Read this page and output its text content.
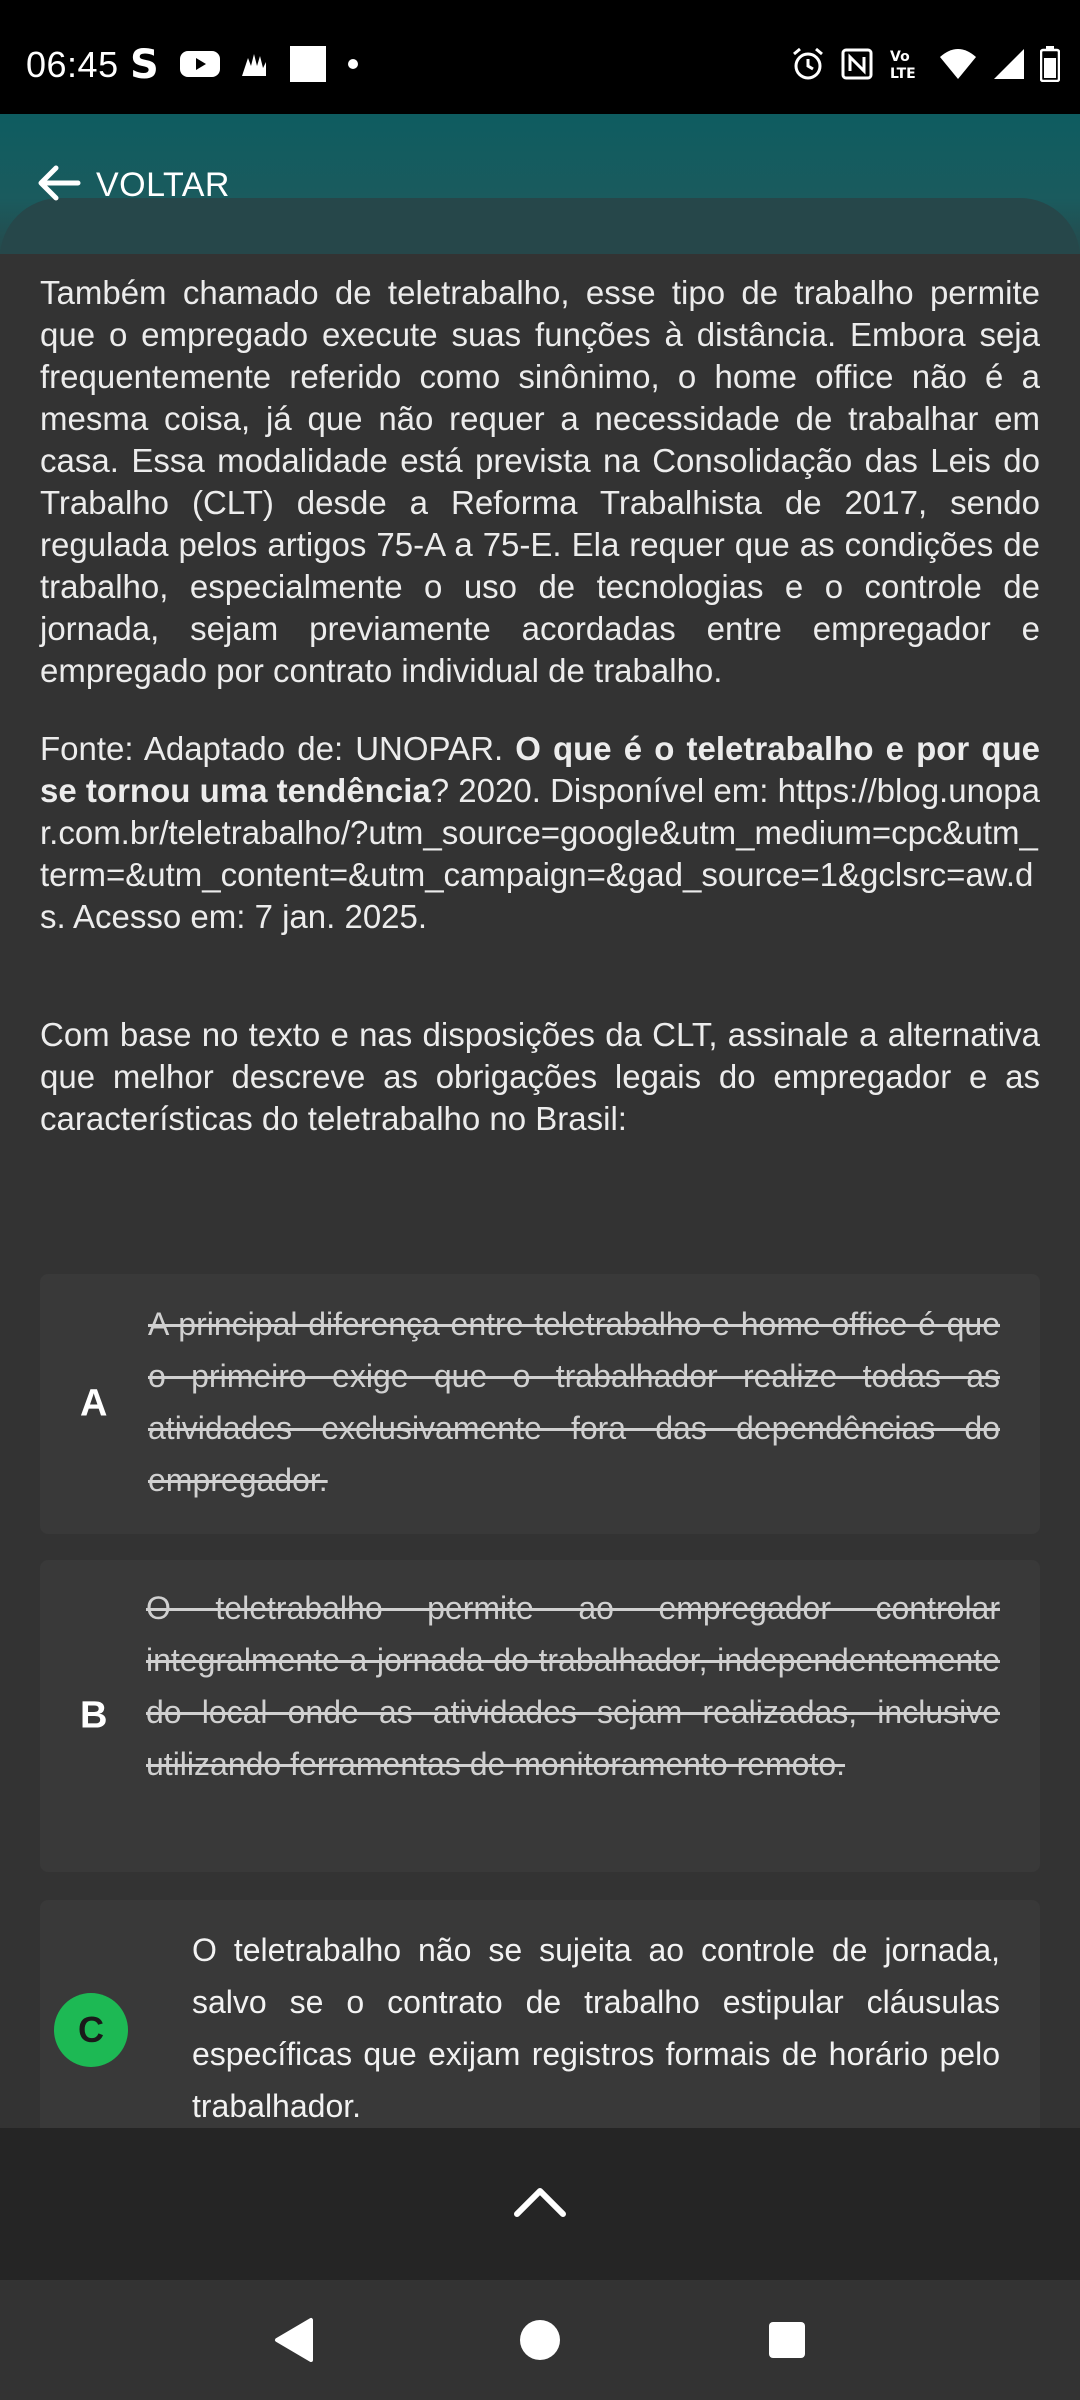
06:45 S	Vo
LTE
VOLTAR

Também chamado de teletrabalho, esse tipo de trabalho permite que o empregado execute suas funções à distância. Embora seja frequentemente referido como sinônimo, o home office não é a mesma coisa, já que não requer a necessidade de trabalhar em casa. Essa modalidade está prevista na Consolidação das Leis do Trabalho (CLT) desde a Reforma Trabalhista de 2017, sendo regulada pelos artigos 75-A a 75-E. Ela requer que as condições de trabalho, especialmente o uso de tecnologias e o controle de jornada, sejam previamente acordadas entre empregador e empregado por contrato individual de trabalho.

Fonte: Adaptado de: UNOPAR. O que é o teletrabalho e por que se tornou uma tendência? 2020. Disponível em: https://blog.unopar.com.br/teletrabalho/?utm_source=google&utm_medium=cpc&utm_term=&utm_content=&utm_campaign=&gad_source=1&gclsrc=aw.ds. Acesso em: 7 jan. 2025.

Com base no texto e nas disposições da CLT, assinale a alternativa que melhor descreve as obrigações legais do empregador e as características do teletrabalho no Brasil:

A

A principal diferença entre teletrabalho e home office é que o primeiro exige que o trabalhador realize todas as atividades exclusivamente fora das dependências do empregador.

B

O teletrabalho permite ao empregador controlar integralmente a jornada do trabalhador, independentemente do local onde as atividades sejam realizadas, inclusive utilizando ferramentas de monitoramento remoto.

C

O teletrabalho não se sujeita ao controle de jornada, salvo se o contrato de trabalho estipular cláusulas específicas que exijam registros formais de horário pelo trabalhador.
